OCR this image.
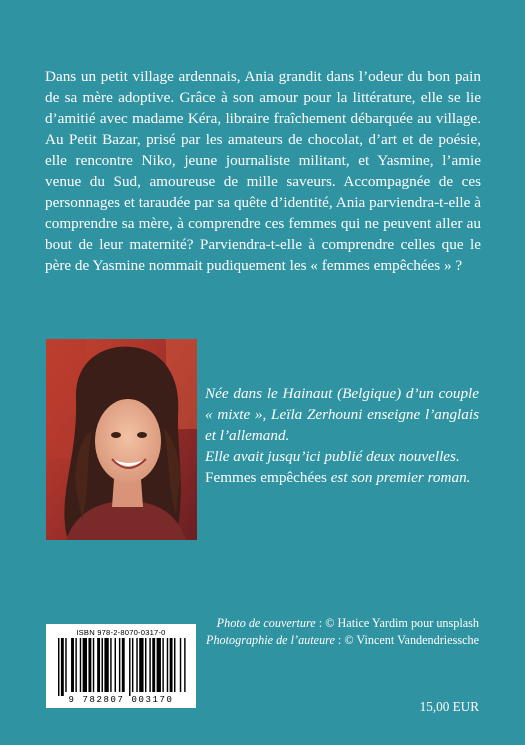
Dans un petit village ardennais, Ania grandit dans l’odeur du bon pain de sa mère adoptive. Grâce à son amour pour la littérature, elle se lie d’amitié avec madame Kéra, libraire fraîchement débarquée au village. Au Petit Bazar, prisé par les amateurs de chocolat, d’art et de poésie, elle rencontre Niko, jeune journaliste militant, et Yasmine, l’amie venue du Sud, amoureuse de mille saveurs. Accompagnée de ces personnages et taraudée par sa quête d’identité, Ania parviendra-t-elle à comprendre sa mère, à comprendre ces femmes qui ne peuvent aller au bout de leur maternité? Parviendra-t-elle à comprendre celles que le père de Yasmine nommait pudiquement les « femmes empêchées » ?

Née dans le Hainaut (Belgique) d’un couple « mixte », Leïla Zerhouni enseigne l’anglais et l’allemand.

Elle avait jusqu’ici publié deux nouvelles.

Femmes empêchées est son premier roman.

Photo de couverture : © Hatice Yardim pour unsplash
Photographie de l’auteure : © Vincent Vandendriessche
ISBN 978-2-8070-0317-0
9 782807 003170	15,00 EUR
